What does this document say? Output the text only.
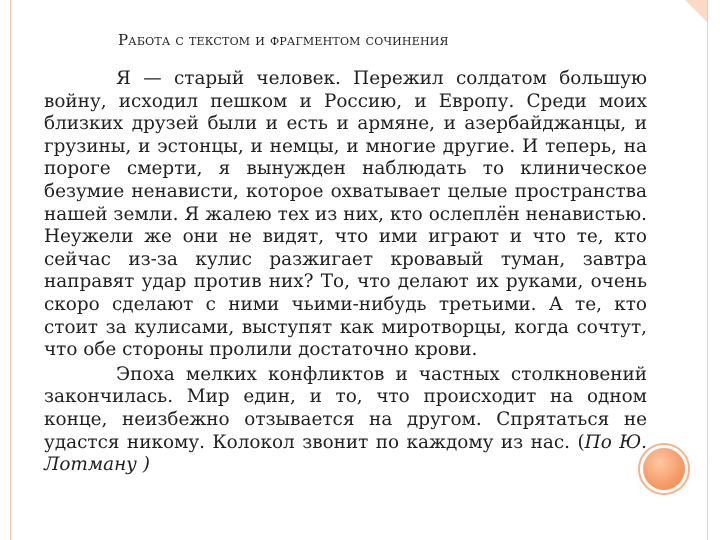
Работа с текстом и фрагментом сочинения

Я — старый человек. Пережил солдатом большую войну, исходил пешком и Россию, и Европу. Среди моих близких друзей были и есть и армяне, и азербайджанцы, и грузины, и эстонцы, и немцы, и многие другие. И теперь, на пороге смерти, я вынужден наблюдать то клиническое безумие ненависти, которое охватывает целые пространства нашей земли. Я жалею тех из них, кто ослеплён ненавистью. Неужели же они не видят, что ими играют и что те, кто сейчас из-за кулис разжигает кровавый туман, завтра направят удар против них? То, что делают их руками, очень скоро сделают с ними чьими-нибудь третьими. А те, кто стоит за кулисами, выступят как миротворцы, когда сочтут, что обе стороны пролили достаточно крови.

Эпоха мелких конфликтов и частных столкновений закончилась. Мир един, и то, что происходит на одном конце, неизбежно отзывается на другом. Спрятаться не удастся никому. Колокол звонит по каждому из нас. (По Ю. Лотману )
